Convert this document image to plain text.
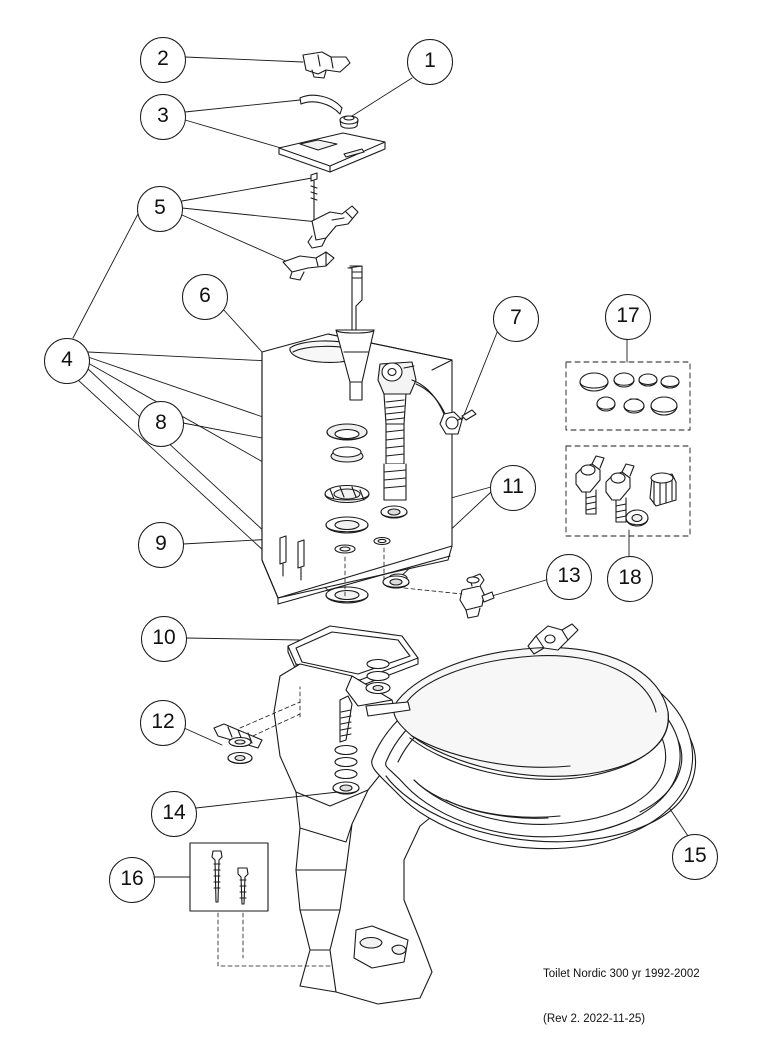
1
2
3
4
5
6
7
8
9
10
11
12
13
14
15
16
17
18

Toilet Nordic 300 yr 1992-2002

(Rev 2. 2022-11-25)
